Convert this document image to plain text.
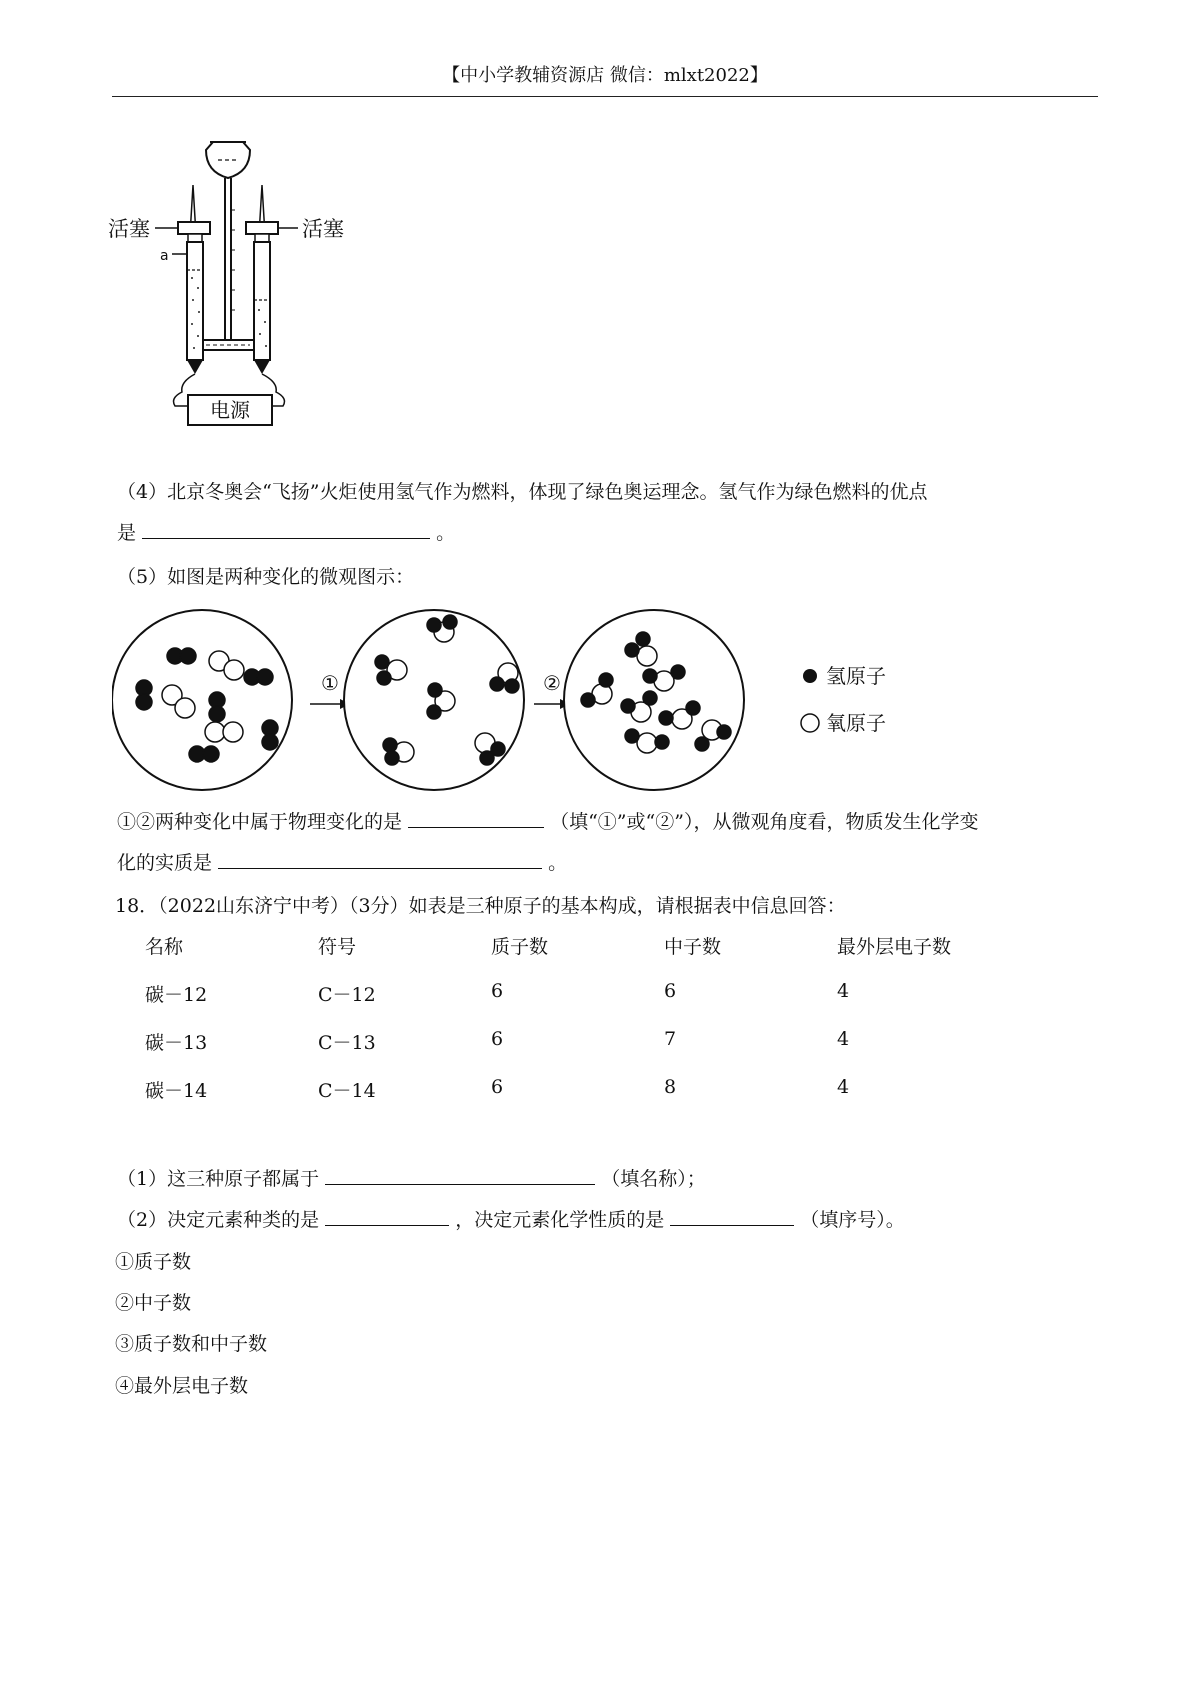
【中小学教辅资源店 微信：mlxt2022】
活塞	活塞
a
电源
（4）北京冬奥会“飞扬”火炬使用氢气作为燃料，体现了绿色奥运理念。氢气作为绿色燃料的优点
是	。
（5）如图是两种变化的微观图示：
①	②	氢原子
氧原子
①②两种变化中属于物理变化的是	（填“①”或“②”），从微观角度看，物质发生化学变
化的实质是	。
18．（2022山东济宁中考）（3分）如表是三种原子的基本构成，请根据表中信息回答：
名称	符号	质子数	中子数	最外层电子数
碳－12	C－12	6	6	4
碳－13	C－13	6	7	4
碳－14	C－14	6	8	4
（1）这三种原子都属于	（填名称）；
（2）决定元素种类的是	，决定元素化学性质的是	（填序号）。
①质子数
②中子数
③质子数和中子数
④最外层电子数
